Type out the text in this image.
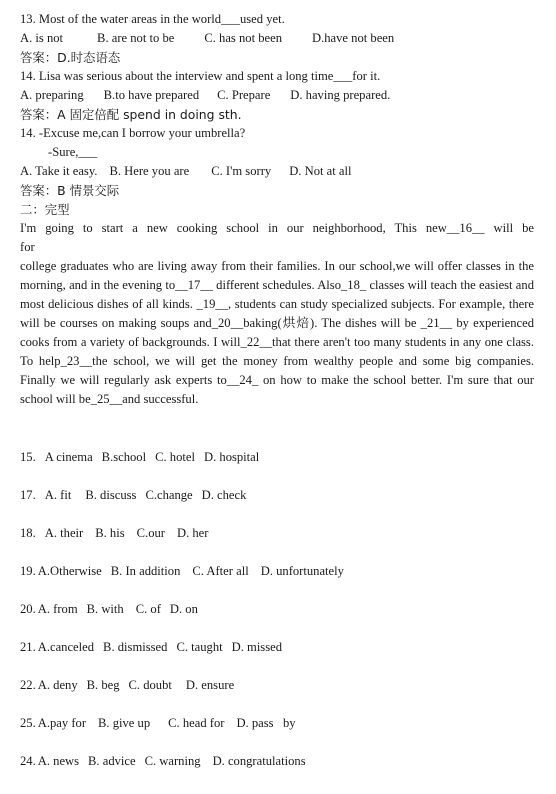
13. Most of the water areas in the world___used yet.
A. is not	B. are not to be C. has not been D.have not been
答案：D.时态语态
14. Lisa was serious about the interview and spent a long time___for it.
A. preparing B.to have prepared C. Prepare D. having prepared.
答案：A 固定倍配 spend in doing sth.
14. -Excuse me,can I borrow your umbrella?
-Sure,___
A. Take it easy. B. Here you are C. I'm sorry D. Not at all
答案：B 情景交际
二：完型

I'm going to start a new cooking school in our neighborhood, This new__16__ will be

for

college graduates who are living away from their families. In our school,we will offer classes in the morning, and in the evening to__17__ different schedules. Also_18_ classes will teach the easiest and most delicious dishes of all kinds. _19__, students can study specialized subjects. For example, there will be courses on making soups and_20__baking(烘焙). The dishes will be _21__ by experienced cooks from a variety of backgrounds. I will_22__that there aren't too many students in any one class. To help_23__the school, we will get the money from wealthy people and some big companies. Finally we will regularly ask experts to__24_ on how to make the school better. I'm sure that our school will be_25__and successful.

15. A cinema B.school C. hotel D. hospital
17. A. fit B. discuss C.change D. check
18. A. their B. his C.our D. her
19. A.Otherwise B. In addition C. After all D. unfortunately
20. A. from B. with C. of D. on
21. A.canceled B. dismissed C. taught D. missed
22. A. deny B. beg C. doubt D. ensure
25. A.pay for B. give up C. head for D. pass   by
24. A. news B. advice C. warning D. congratulations
